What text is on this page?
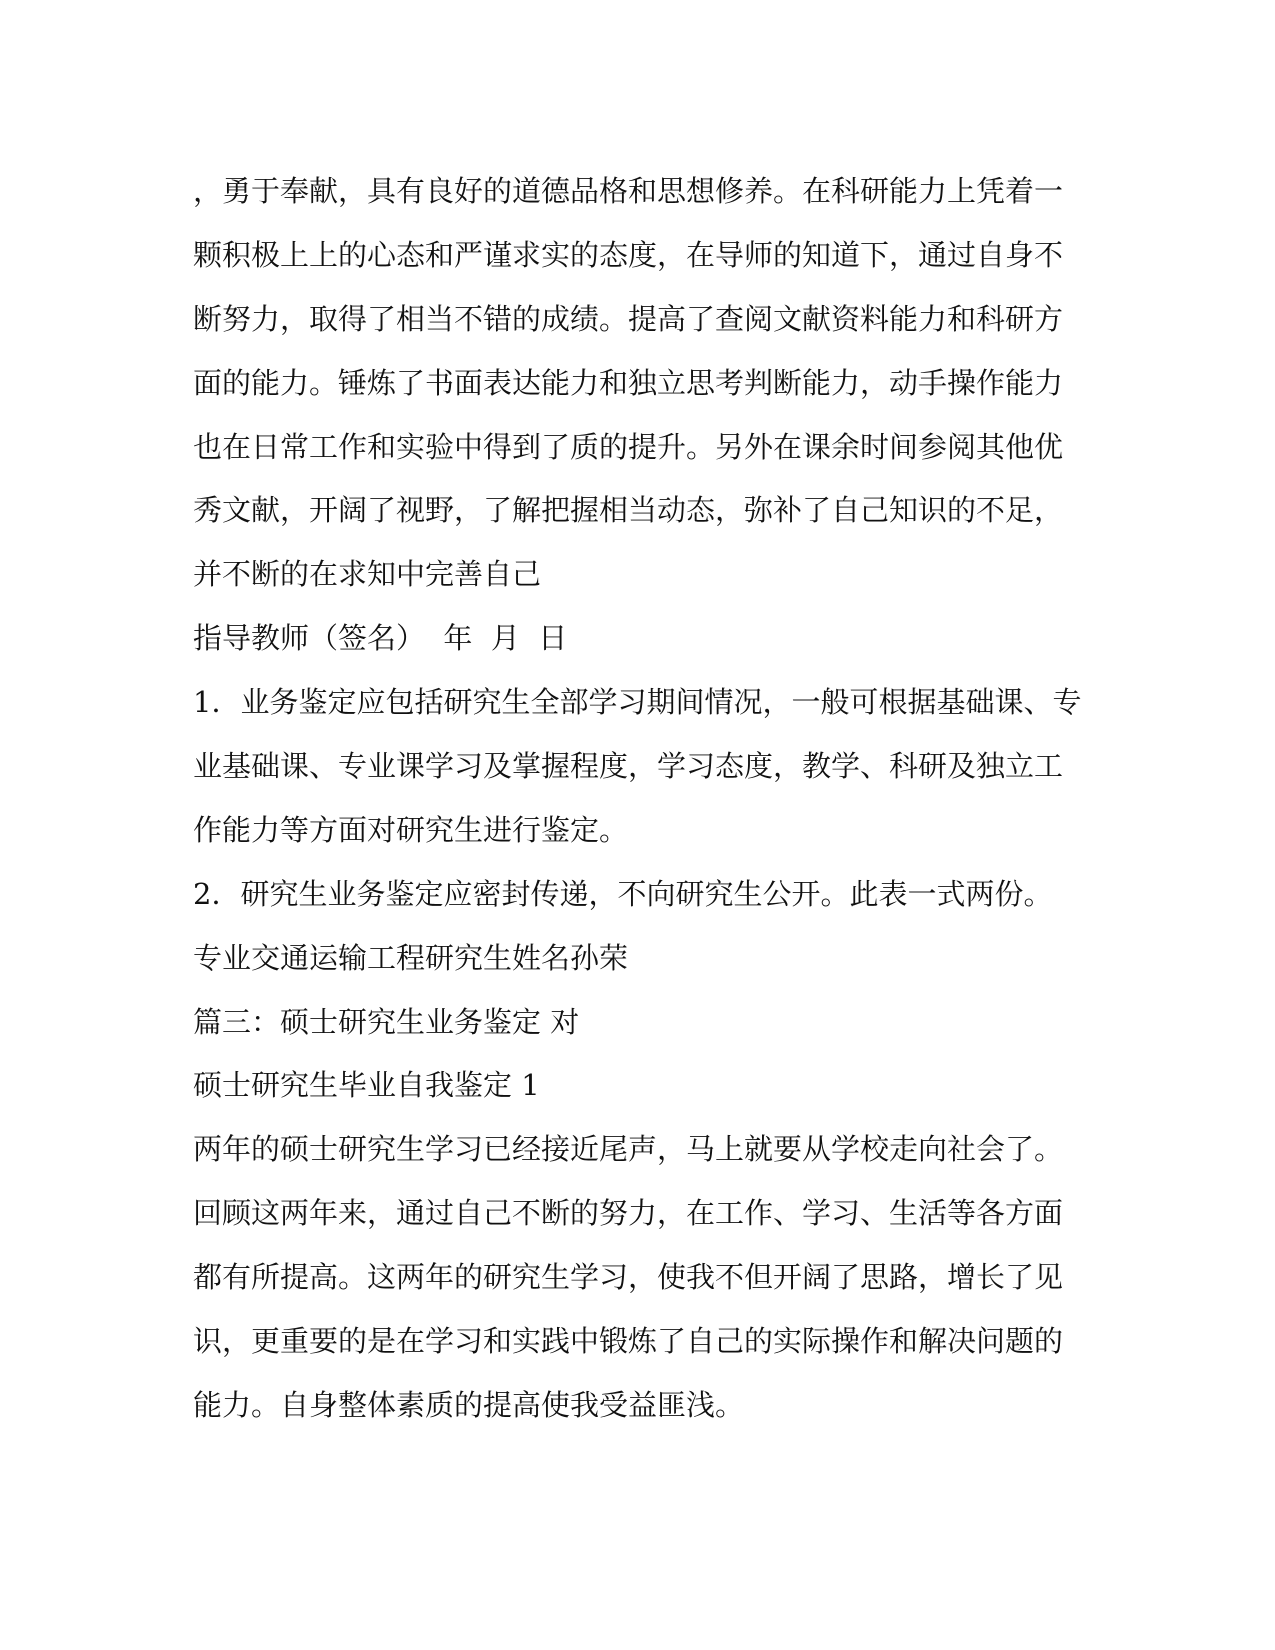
，勇于奉献，具有良好的道德品格和思想修养。在科研能力上凭着一

颗积极上上的心态和严谨求实的态度，在导师的知道下，通过自身不

断努力，取得了相当不错的成绩。提高了查阅文献资料能力和科研方

面的能力。锤炼了书面表达能力和独立思考判断能力，动手操作能力

也在日常工作和实验中得到了质的提升。另外在课余时间参阅其他优

秀文献，开阔了视野，了解把握相当动态，弥补了自己知识的不足，

并不断的在求知中完善自己

指导教师（签名）  年  月  日

1．业务鉴定应包括研究生全部学习期间情况，一般可根据基础课、专

业基础课、专业课学习及掌握程度，学习态度，教学、科研及独立工

作能力等方面对研究生进行鉴定。

2．研究生业务鉴定应密封传递，不向研究生公开。此表一式两份。

专业交通运输工程研究生姓名孙荣

篇三：硕士研究生业务鉴定 对

硕士研究生毕业自我鉴定 1

两年的硕士研究生学习已经接近尾声，马上就要从学校走向社会了。

回顾这两年来，通过自己不断的努力，在工作、学习、生活等各方面

都有所提高。这两年的研究生学习，使我不但开阔了思路，增长了见

识，更重要的是在学习和实践中锻炼了自己的实际操作和解决问题的

能力。自身整体素质的提高使我受益匪浅。
